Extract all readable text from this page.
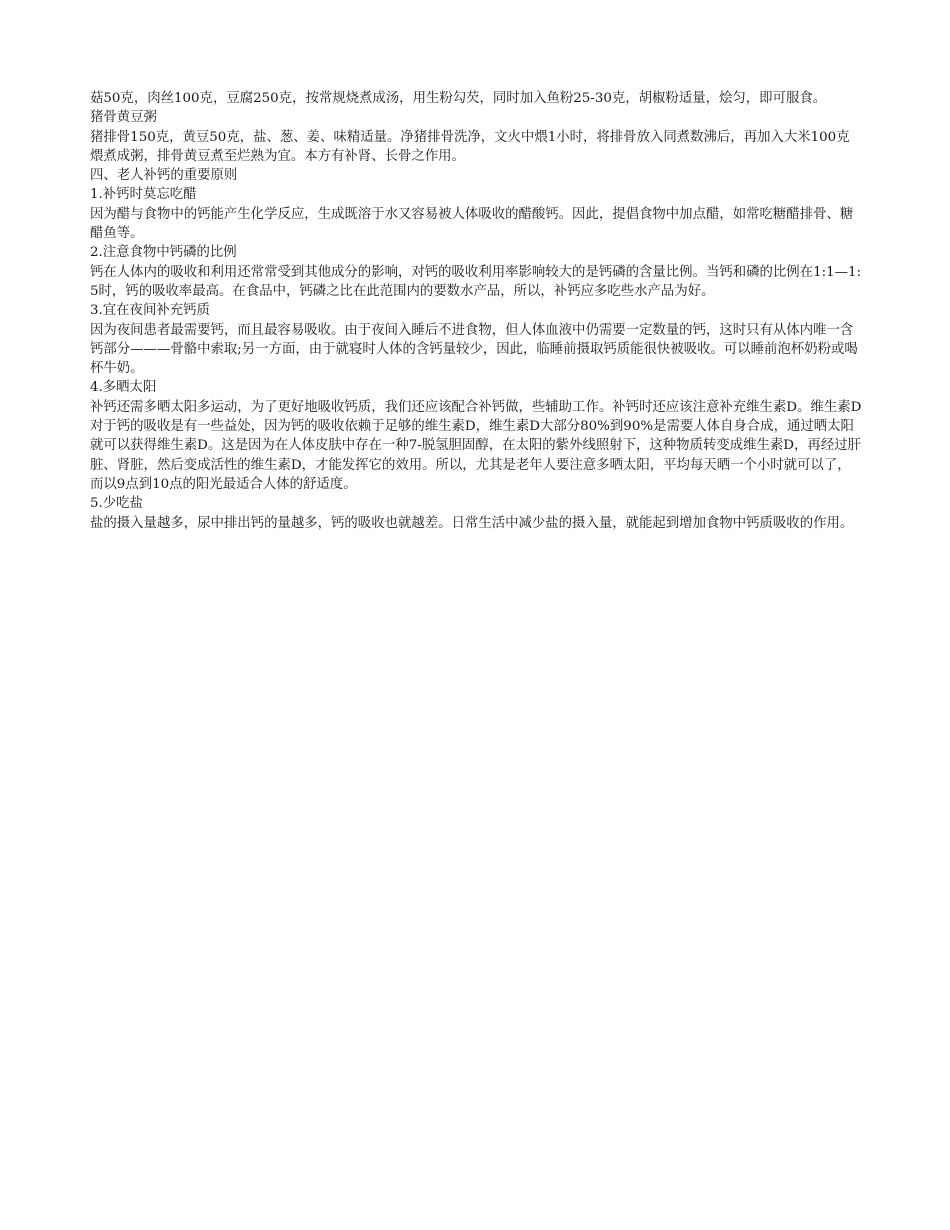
菇50克，肉丝100克，豆腐250克，按常规烧煮成汤，用生粉勾芡，同时加入鱼粉25-30克，胡椒粉适量，烩匀，即可服食。

猪骨黄豆粥

猪排骨150克，黄豆50克，盐、葱、姜、味精适量。净猪排骨洗净，文火中煨1小时，将排骨放入同煮数沸后，再加入大米100克煨煮成粥，排骨黄豆煮至烂熟为宜。本方有补肾、长骨之作用。

四、老人补钙的重要原则

1.补钙时莫忘吃醋

因为醋与食物中的钙能产生化学反应，生成既溶于水又容易被人体吸收的醋酸钙。因此，提倡食物中加点醋，如常吃糖醋排骨、糖醋鱼等。

2.注意食物中钙磷的比例

钙在人体内的吸收和利用还常常受到其他成分的影响，对钙的吸收利用率影响较大的是钙磷的含量比例。当钙和磷的比例在1:1—1:5时，钙的吸收率最高。在食品中，钙磷之比在此范围内的要数水产品，所以，补钙应多吃些水产品为好。

3.宜在夜间补充钙质

因为夜间患者最需要钙，而且最容易吸收。由于夜间入睡后不进食物，但人体血液中仍需要一定数量的钙，这时只有从体内唯一含钙部分———骨骼中索取;另一方面，由于就寝时人体的含钙量较少，因此，临睡前摄取钙质能很快被吸收。可以睡前泡杯奶粉或喝杯牛奶。

4.多晒太阳

补钙还需多晒太阳多运动，为了更好地吸收钙质，我们还应该配合补钙做，些辅助工作。补钙时还应该注意补充维生素D。维生素D对于钙的吸收是有一些益处，因为钙的吸收依赖于足够的维生素D，维生素D大部分80%到90%是需要人体自身合成，通过晒太阳就可以获得维生素D。这是因为在人体皮肤中存在一种7-脱氢胆固醇，在太阳的紫外线照射下，这种物质转变成维生素D，再经过肝脏、肾脏，然后变成活性的维生素D，才能发挥它的效用。所以，尤其是老年人要注意多晒太阳，平均每天晒一个小时就可以了，而以9点到10点的阳光最适合人体的舒适度。

5.少吃盐

盐的摄入量越多，尿中排出钙的量越多，钙的吸收也就越差。日常生活中减少盐的摄入量，就能起到增加食物中钙质吸收的作用。
